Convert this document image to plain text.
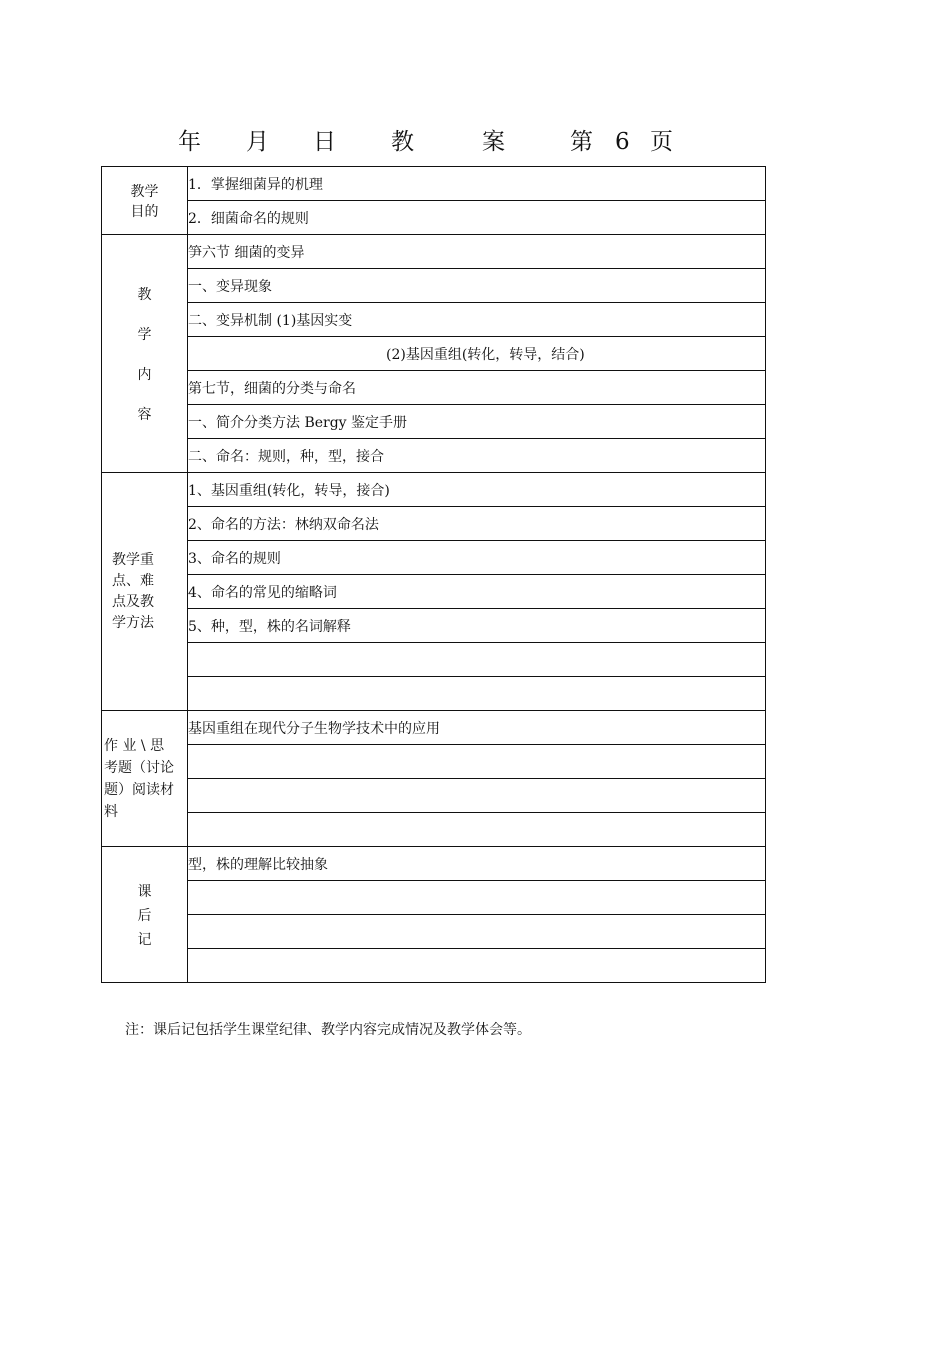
年 月 日 教	案	第 6 页
教学
目的	1．掌握细菌异的机理
	2．细菌命名的规则

教
学
内
容	笋六节 细菌的变异
	一、变异现象
	二、变异机制 (1)基因实变
	(2)基因重组(转化，转导，结合)
	第七节，细菌的分类与命名
	一、简介分类方法 Bergy 鉴定手册
	二、命名：规则，种，型，接合

教学重
点、难
点及教
学方法	1、基因重组(转化，转导，接合)
	2、命名的方法：林纳双命名法
	3、命名的规则
	4、命名的常见的缩略词
	5、种，型，株的名词解释

作 业 \ 思
考题（讨论
题）阅读材
料	基因重组在现代分子生物学技术中的应用

课
后
记	型，株的理解比较抽象

注：课后记包括学生课堂纪律、教学内容完成情况及教学体会等。
